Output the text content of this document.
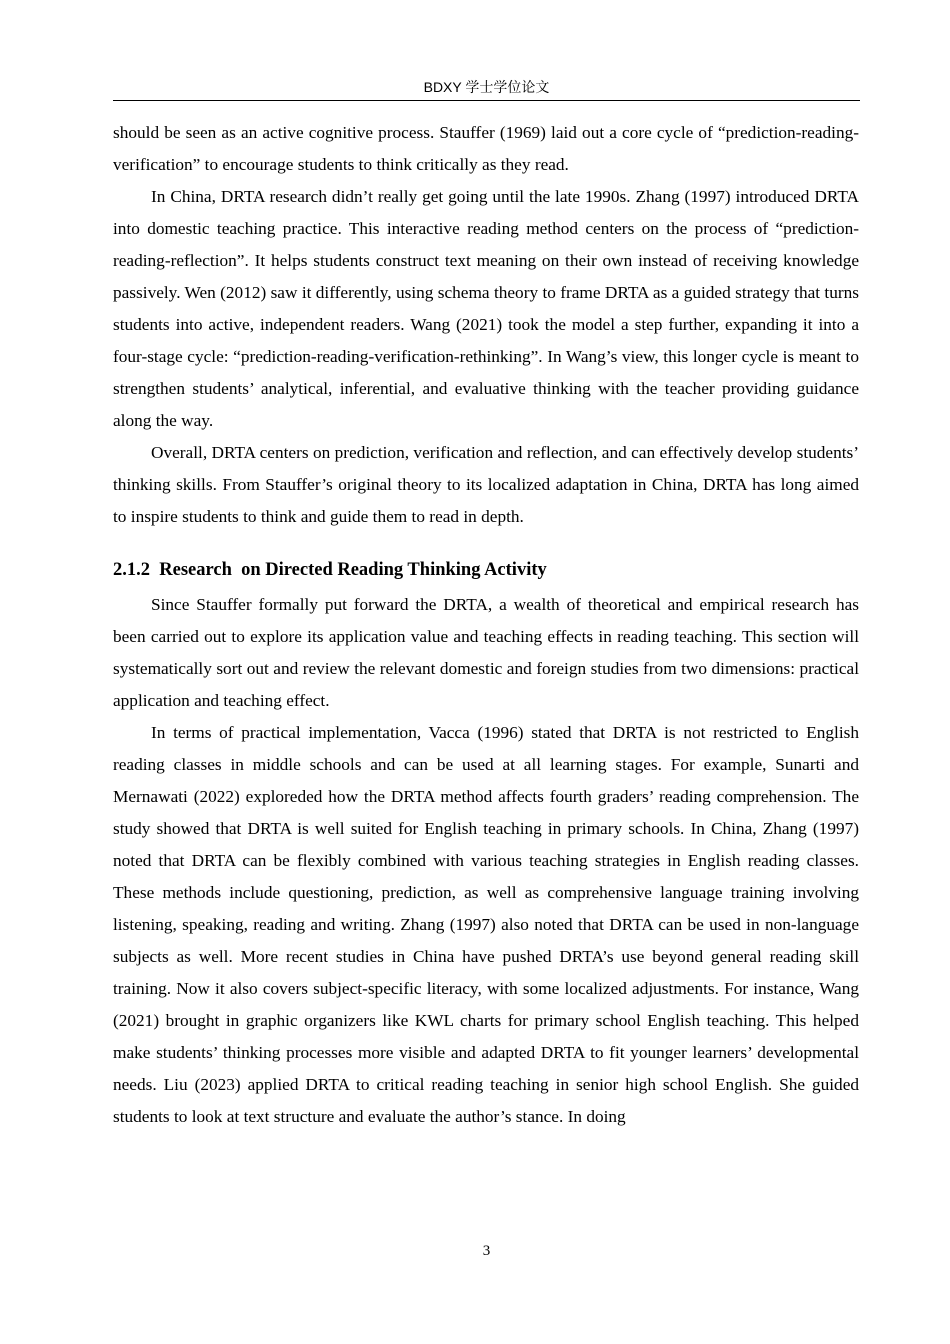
BDXY 学士学位论文

should be seen as an active cognitive process. Stauffer (1969) laid out a core cycle of “prediction-reading-verification” to encourage students to think critically as they read.

In China, DRTA research didn’t really get going until the late 1990s. Zhang (1997) introduced DRTA into domestic teaching practice. This interactive reading method centers on the process of “prediction-reading-reflection”. It helps students construct text meaning on their own instead of receiving knowledge passively. Wen (2012) saw it differently, using schema theory to frame DRTA as a guided strategy that turns students into active, independent readers. Wang (2021) took the model a step further, expanding it into a four-stage cycle: “prediction-reading-verification-rethinking”. In Wang’s view, this longer cycle is meant to strengthen students’ analytical, inferential, and evaluative thinking with the teacher providing guidance along the way.

Overall, DRTA centers on prediction, verification and reflection, and can effectively develop students’ thinking skills. From Stauffer’s original theory to its localized adaptation in China, DRTA has long aimed to inspire students to think and guide them to read in depth.

2.1.2  Research  on Directed Reading Thinking Activity

Since Stauffer formally put forward the DRTA, a wealth of theoretical and empirical research has been carried out to explore its application value and teaching effects in reading teaching. This section will systematically sort out and review the relevant domestic and foreign studies from two dimensions: practical application and teaching effect.

In terms of practical implementation, Vacca (1996) stated that DRTA is not restricted to English reading classes in middle schools and can be used at all learning stages. For example, Sunarti and Mernawati (2022) exploreded how the DRTA method affects fourth graders’ reading comprehension. The study showed that DRTA is well suited for English teaching in primary schools. In China, Zhang (1997) noted that DRTA can be flexibly combined with various teaching strategies in English reading classes. These methods include questioning, prediction, as well as comprehensive language training involving listening, speaking, reading and writing. Zhang (1997) also noted that DRTA can be used in non-language subjects as well. More recent studies in China have pushed DRTA’s use beyond general reading skill training. Now it also covers subject-specific literacy, with some localized adjustments. For instance, Wang (2021) brought in graphic organizers like KWL charts for primary school English teaching. This helped make students’ thinking processes more visible and adapted DRTA to fit younger learners’ developmental needs. Liu (2023) applied DRTA to critical reading teaching in senior high school English. She guided students to look at text structure and evaluate the author’s stance. In doing

3
